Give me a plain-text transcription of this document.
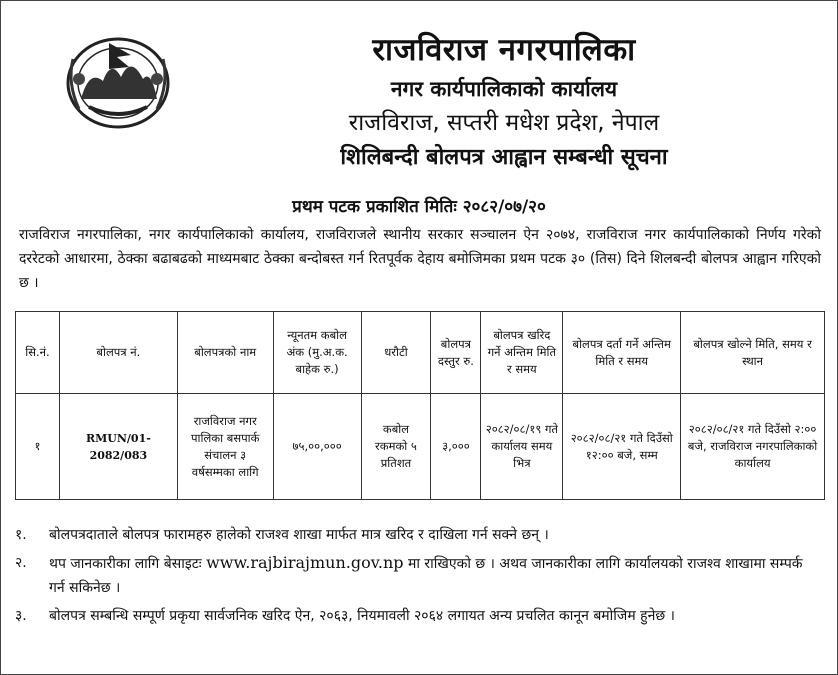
राजविराज नगरपालिका
नगर कार्यपालिकाको कार्यालय
राजविराज, सप्तरी मधेश प्रदेश, नेपाल
शिलिबन्दी बोलपत्र आह्वान सम्बन्धी सूचना
प्रथम पटक प्रकाशित मितिः २०८२/०७/२०
राजविराज नगरपालिका, नगर कार्यपालिकाको कार्यालय, राजविराजले स्थानीय सरकार सञ्चालन ऐन २०७४, राजविराज नगर कार्यपालिकाको निर्णय गरेको दररेटको आधारमा, ठेक्का बढाबढको माध्यमबाट ठेक्का बन्दोबस्त गर्न रितपूर्वक देहाय बमोजिमका प्रथम पटक ३० (तिस) दिने शिलबन्दी बोलपत्र आह्वान गरिएको छ ।
सि.नं.	बोलपत्र नं.	बोलपत्रको नाम	न्यूनतम कबोल अंक (मु.अ.क. बाहेक रु.)	धरौटी	बोलपत्र दस्तुर रु.	बोलपत्र खरिद गर्ने अन्तिम मिति र समय	बोलपत्र दर्ता गर्ने अन्तिम मिति र समय	बोलपत्र खोल्ने मिति, समय र स्थान
१	RMUN/01-2082/083	राजविराज नगर पालिका बसपार्क संचालन ३ वर्षसम्मका लागि	७५,००,०००	कबोल रकमको ५ प्रतिशत	३,०००	२०८२/०८/१९ गते कार्यालय समय भित्र	२०८२/०८/२१ गते दिउँसो १२:०० बजे, सम्म	२०८२/०८/२१ गते दिउँसो २:०० बजे, राजविराज नगरपालिकाको कार्यालय
१.	बोलपत्रदाताले बोलपत्र फारामहरु हालेको राजश्व शाखा मार्फत मात्र खरिद र दाखिला गर्न सक्ने छन् ।
२.	थप जानकारीका लागि बेसाइटः www.rajbirajmun.gov.np मा राखिएको छ । अथव जानकारीका लागि कार्यालयको राजश्व शाखामा सम्पर्क गर्न सकिनेछ ।
३.	बोलपत्र सम्बन्धि सम्पूर्ण प्रकृया सार्वजनिक खरिद ऐन, २०६३, नियमावली २०६४ लगायत अन्य प्रचलित कानून बमोजिम हुनेछ ।
